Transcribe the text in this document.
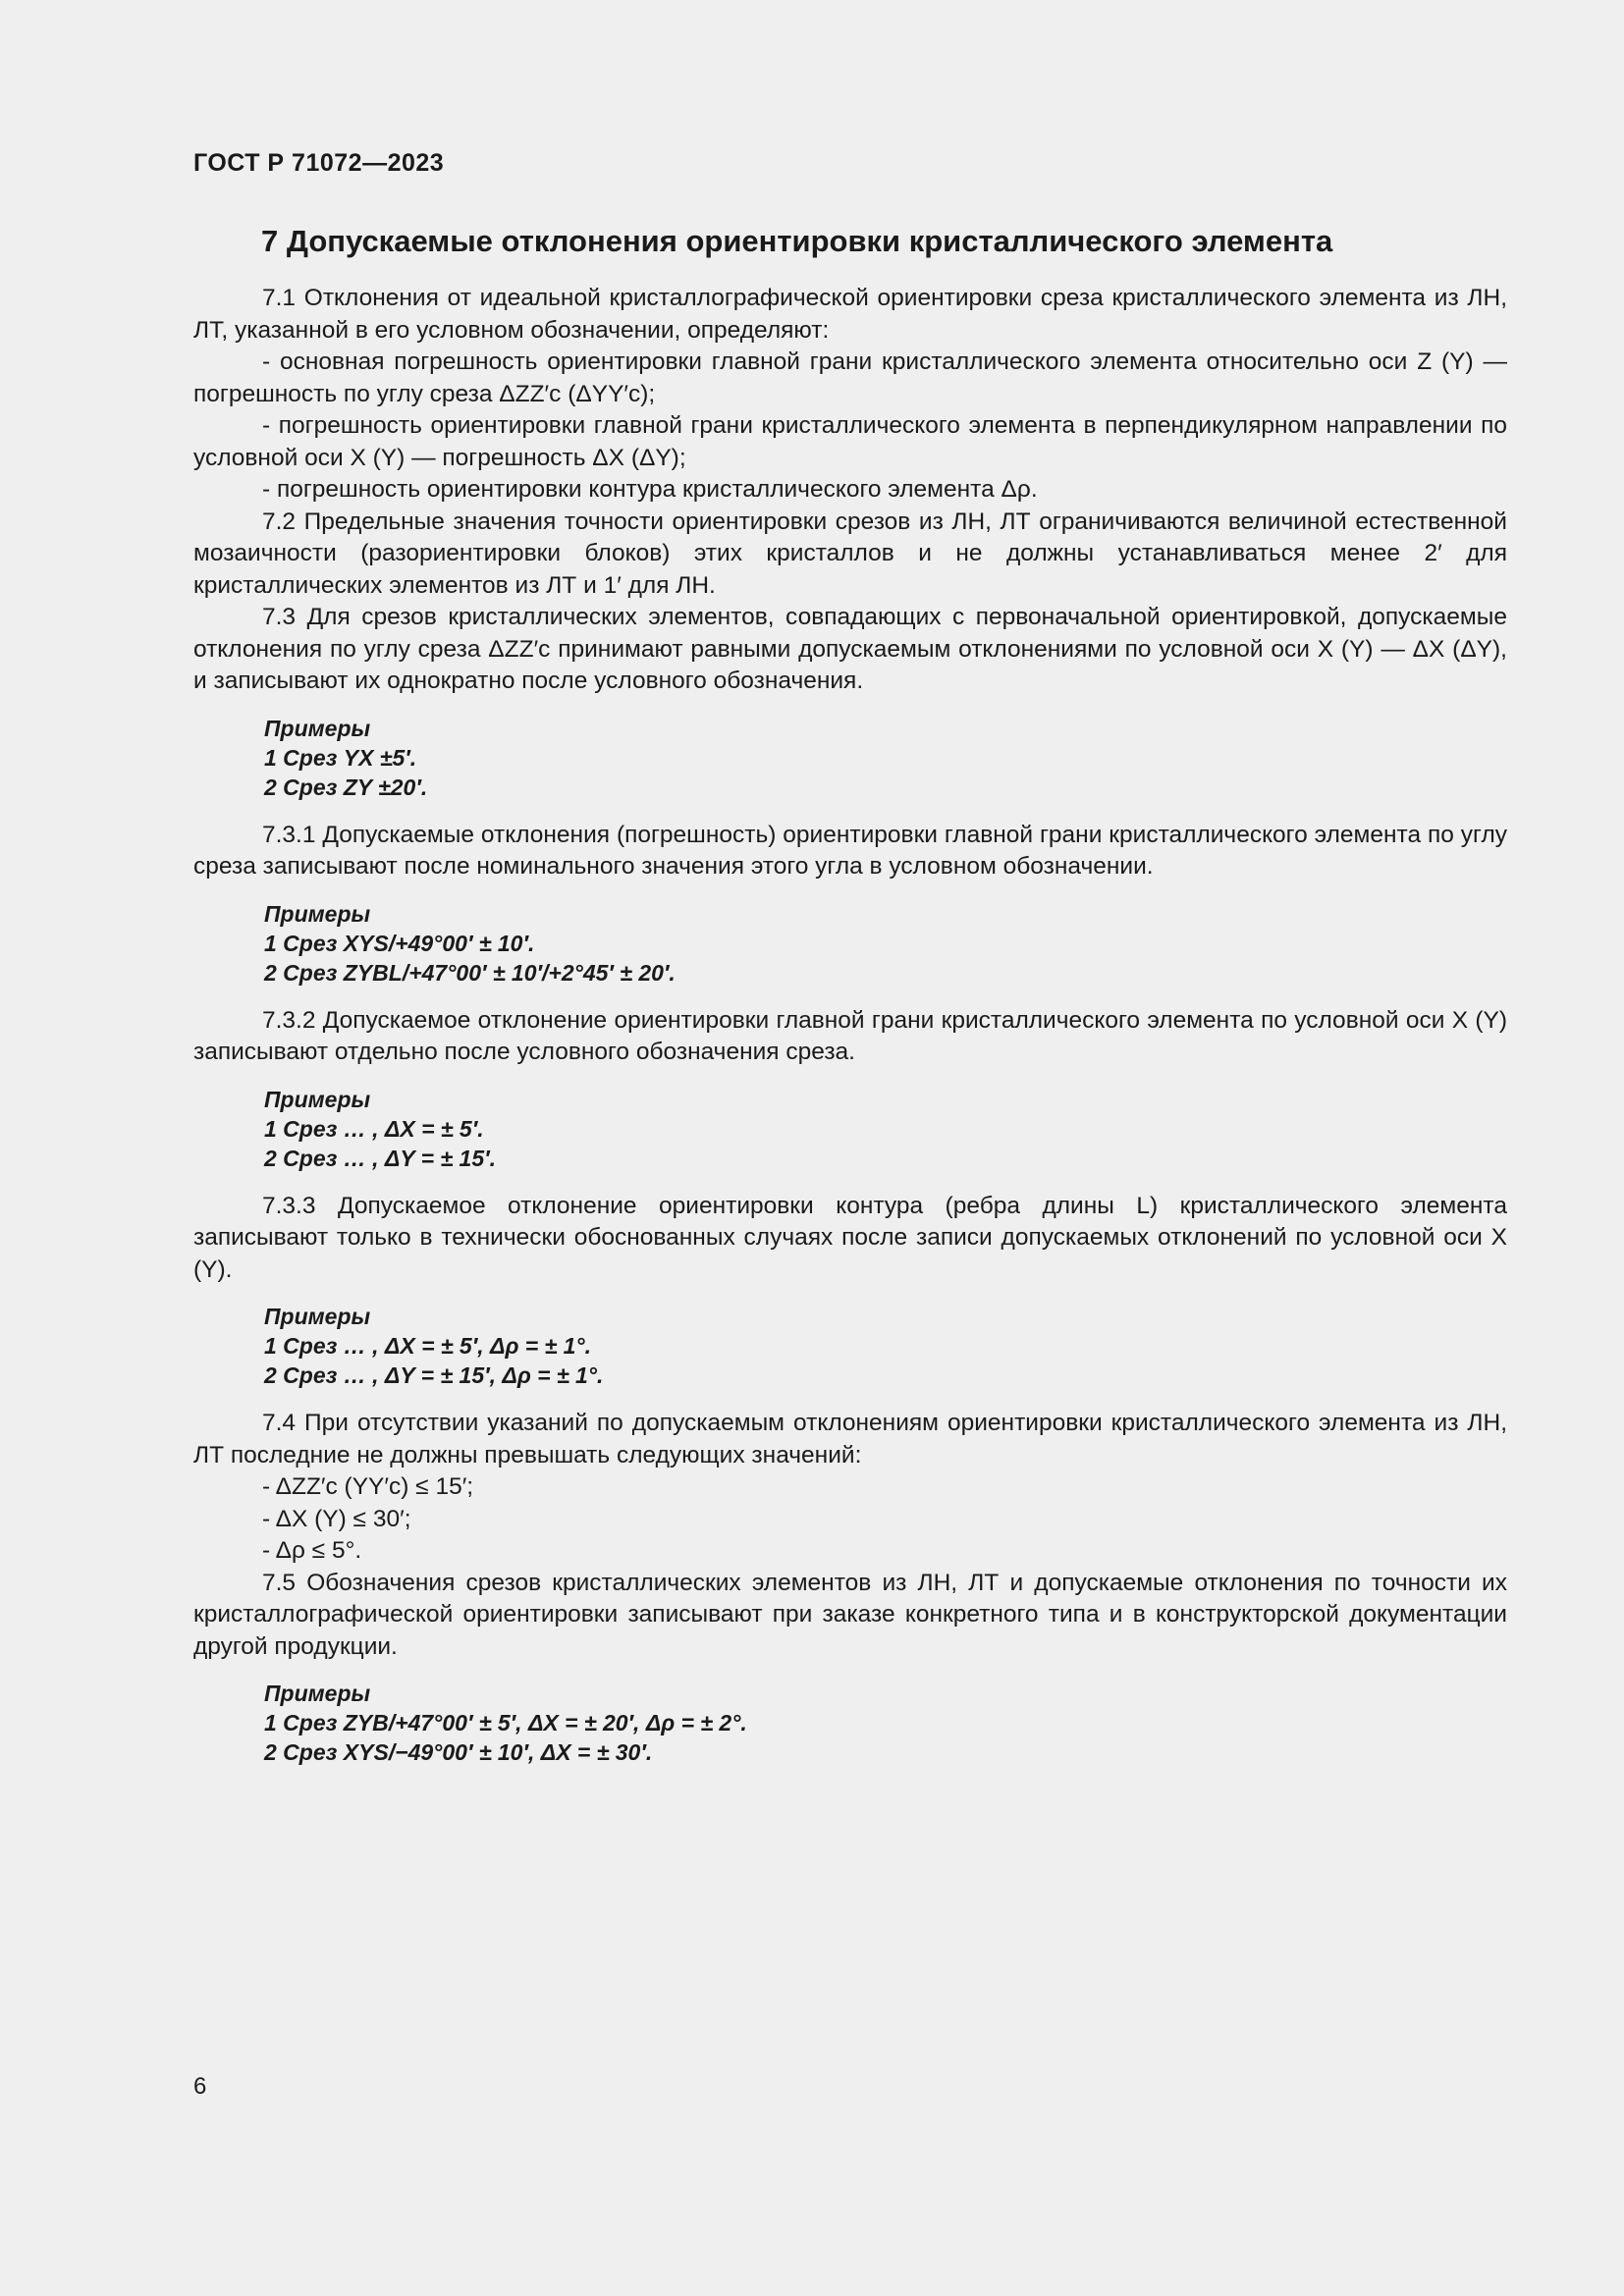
ГОСТ Р 71072—2023
7 Допускаемые отклонения ориентировки кристаллического элемента

7.1 Отклонения от идеальной кристаллографической ориентировки среза кристаллического элемента из ЛН, ЛТ, указанной в его условном обозначении, определяют:

- основная погрешность ориентировки главной грани кристаллического элемента относительно оси Z (Y) — погрешность по углу среза ΔZZ′c (ΔYY′c);

- погрешность ориентировки главной грани кристаллического элемента в перпендикулярном направлении по условной оси X (Y) — погрешность ΔX (ΔY);

- погрешность ориентировки контура кристаллического элемента Δρ.

7.2 Предельные значения точности ориентировки срезов из ЛН, ЛТ ограничиваются величиной естественной мозаичности (разориентировки блоков) этих кристаллов и не должны устанавливаться менее 2′ для кристаллических элементов из ЛТ и 1′ для ЛН.

7.3 Для срезов кристаллических элементов, совпадающих с первоначальной ориентировкой, допускаемые отклонения по углу среза ΔZZ′c принимают равными допускаемым отклонениями по условной оси X (Y) — ΔX (ΔY), и записывают их однократно после условного обозначения.

Примеры
1 Срез YX ±5′.
2 Срез ZY ±20′.

7.3.1 Допускаемые отклонения (погрешность) ориентировки главной грани кристаллического элемента по углу среза записывают после номинального значения этого угла в условном обозначении.

Примеры
1 Срез XYS/+49°00′ ± 10′.
2 Срез ZYBL/+47°00′ ± 10′/+2°45′ ± 20′.

7.3.2 Допускаемое отклонение ориентировки главной грани кристаллического элемента по условной оси X (Y) записывают отдельно после условного обозначения среза.

Примеры
1 Срез … , ΔX = ± 5′.
2 Срез … , ΔY = ± 15′.

7.3.3 Допускаемое отклонение ориентировки контура (ребра длины L) кристаллического элемента записывают только в технически обоснованных случаях после записи допускаемых отклонений по условной оси X (Y).

Примеры
1 Срез … , ΔX = ± 5′, Δρ = ± 1°.
2 Срез … , ΔY = ± 15′, Δρ = ± 1°.

7.4 При отсутствии указаний по допускаемым отклонениям ориентировки кристаллического элемента из ЛН, ЛТ последние не должны превышать следующих значений:

- ΔZZ′c (YY′c) ≤ 15′;

- ΔX (Y) ≤ 30′;

- Δρ ≤ 5°.

7.5 Обозначения срезов кристаллических элементов из ЛН, ЛТ и допускаемые отклонения по точности их кристаллографической ориентировки записывают при заказе конкретного типа и в конструкторской документации другой продукции.

Примеры
1 Срез ZYB/+47°00′ ± 5′, ΔX = ± 20′, Δρ = ± 2°.
2 Срез XYS/−49°00′ ± 10′, ΔX = ± 30′.
6
